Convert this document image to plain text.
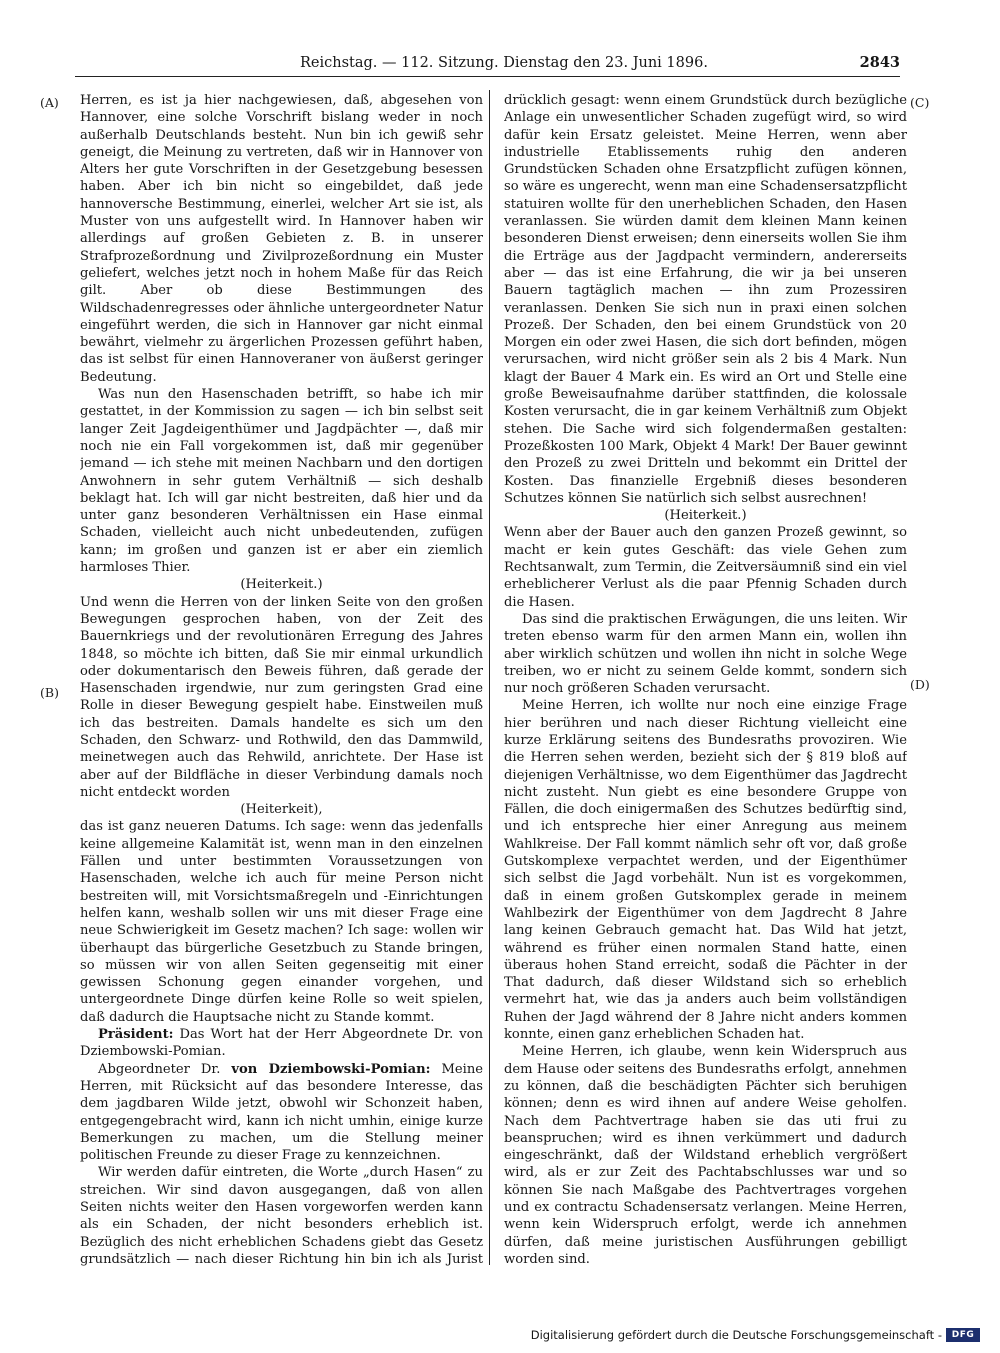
Reichstag. — 112. Sitzung. Dienstag den 23. Juni 1896.	2843
(A)
(B)
(C)
(D)

Herren, es ist ja hier nachgewiesen, daß, abgesehen von Hannover, eine solche Vorschrift bislang weder in noch außerhalb Deutschlands besteht. Nun bin ich gewiß sehr geneigt, die Meinung zu vertreten, daß wir in Hannover von Alters her gute Vorschriften in der Gesetzgebung besessen haben. Aber ich bin nicht so eingebildet, daß jede hannoversche Bestimmung, einerlei, welcher Art sie ist, als Muster von uns aufgestellt wird. In Hannover haben wir allerdings auf großen Gebieten z. B. in unserer Strafprozeßordnung und Zivilprozeßordnung ein Muster geliefert, welches jetzt noch in hohem Maße für das Reich gilt. Aber ob diese Bestimmungen des Wildschadenregresses oder ähnliche untergeordneter Natur eingeführt werden, die sich in Hannover gar nicht einmal bewährt, vielmehr zu ärgerlichen Prozessen geführt haben, das ist selbst für einen Hannoveraner von äußerst geringer Bedeutung.

Was nun den Hasenschaden betrifft, so habe ich mir gestattet, in der Kommission zu sagen — ich bin selbst seit langer Zeit Jagdeigenthümer und Jagdpächter —, daß mir noch nie ein Fall vorgekommen ist, daß mir gegenüber jemand — ich stehe mit meinen Nachbarn und den dortigen Anwohnern in sehr gutem Verhältniß — sich deshalb beklagt hat. Ich will gar nicht bestreiten, daß hier und da unter ganz besonderen Verhältnissen ein Hase einmal Schaden, vielleicht auch nicht unbedeutenden, zufügen kann; im großen und ganzen ist er aber ein ziemlich harmloses Thier.

(Heiterkeit.)

Und wenn die Herren von der linken Seite von den großen Bewegungen gesprochen haben, von der Zeit des Bauernkriegs und der revolutionären Erregung des Jahres 1848, so möchte ich bitten, daß Sie mir einmal urkundlich oder dokumentarisch den Beweis führen, daß gerade der Hasenschaden irgendwie, nur zum geringsten Grad eine Rolle in dieser Bewegung gespielt habe. Einstweilen muß ich das bestreiten. Damals handelte es sich um den Schaden, den Schwarz- und Rothwild, den das Dammwild, meinetwegen auch das Rehwild, anrichtete. Der Hase ist aber auf der Bildfläche in dieser Verbindung damals noch nicht entdeckt worden

(Heiterkeit),

das ist ganz neueren Datums. Ich sage: wenn das jedenfalls keine allgemeine Kalamität ist, wenn man in den einzelnen Fällen und unter bestimmten Voraussetzungen von Hasenschaden, welche ich auch für meine Person nicht bestreiten will, mit Vorsichtsmaßregeln und -Einrichtungen helfen kann, weshalb sollen wir uns mit dieser Frage eine neue Schwierigkeit im Gesetz machen? Ich sage: wollen wir überhaupt das bürgerliche Gesetzbuch zu Stande bringen, so müssen wir von allen Seiten gegenseitig mit einer gewissen Schonung gegen einander vorgehen, und untergeordnete Dinge dürfen keine Rolle so weit spielen, daß dadurch die Hauptsache nicht zu Stande kommt.

Präsident: Das Wort hat der Herr Abgeordnete Dr. von Dziembowski-Pomian.

Abgeordneter Dr. von Dziembowski-Pomian: Meine Herren, mit Rücksicht auf das besondere Interesse, das dem jagdbaren Wilde jetzt, obwohl wir Schonzeit haben, entgegengebracht wird, kann ich nicht umhin, einige kurze Bemerkungen zu machen, um die Stellung meiner politischen Freunde zu dieser Frage zu kennzeichnen.

Wir werden dafür eintreten, die Worte „durch Hasen“ zu streichen. Wir sind davon ausgegangen, daß von allen Seiten nichts weiter den Hasen vorgeworfen werden kann als ein Schaden, der nicht besonders erheblich ist. Bezüglich des nicht erheblichen Schadens giebt das Gesetz grundsätzlich — nach dieser Richtung hin bin ich als Jurist

drücklich gesagt: wenn einem Grundstück durch bezügliche Anlage ein unwesentlicher Schaden zugefügt wird, so wird dafür kein Ersatz geleistet. Meine Herren, wenn aber industrielle Etablissements ruhig den anderen Grundstücken Schaden ohne Ersatzpflicht zufügen können, so wäre es ungerecht, wenn man eine Schadensersatzpflicht statuiren wollte für den unerheblichen Schaden, den Hasen veranlassen. Sie würden damit dem kleinen Mann keinen besonderen Dienst erweisen; denn einerseits wollen Sie ihm die Erträge aus der Jagdpacht vermindern, andererseits aber — das ist eine Erfahrung, die wir ja bei unseren Bauern tagtäglich machen — ihn zum Prozessiren veranlassen. Denken Sie sich nun in praxi einen solchen Prozeß. Der Schaden, den bei einem Grundstück von 20 Morgen ein oder zwei Hasen, die sich dort befinden, mögen verursachen, wird nicht größer sein als 2 bis 4 Mark. Nun klagt der Bauer 4 Mark ein. Es wird an Ort und Stelle eine große Beweisaufnahme darüber stattfinden, die kolossale Kosten verursacht, die in gar keinem Verhältniß zum Objekt stehen. Die Sache wird sich folgendermaßen gestalten: Prozeßkosten 100 Mark, Objekt 4 Mark! Der Bauer gewinnt den Prozeß zu zwei Dritteln und bekommt ein Drittel der Kosten. Das finanzielle Ergebniß dieses besonderen Schutzes können Sie natürlich sich selbst ausrechnen!

(Heiterkeit.)

Wenn aber der Bauer auch den ganzen Prozeß gewinnt, so macht er kein gutes Geschäft: das viele Gehen zum Rechtsanwalt, zum Termin, die Zeitversäumniß sind ein viel erheblicherer Verlust als die paar Pfennig Schaden durch die Hasen.

Das sind die praktischen Erwägungen, die uns leiten. Wir treten ebenso warm für den armen Mann ein, wollen ihn aber wirklich schützen und wollen ihn nicht in solche Wege treiben, wo er nicht zu seinem Gelde kommt, sondern sich nur noch größeren Schaden verursacht.

Meine Herren, ich wollte nur noch eine einzige Frage hier berühren und nach dieser Richtung vielleicht eine kurze Erklärung seitens des Bundesraths provoziren. Wie die Herren sehen werden, bezieht sich der § 819 bloß auf diejenigen Verhältnisse, wo dem Eigenthümer das Jagdrecht nicht zusteht. Nun giebt es eine besondere Gruppe von Fällen, die doch einigermaßen des Schutzes bedürftig sind, und ich entspreche hier einer Anregung aus meinem Wahlkreise. Der Fall kommt nämlich sehr oft vor, daß große Gutskomplexe verpachtet werden, und der Eigenthümer sich selbst die Jagd vorbehält. Nun ist es vorgekommen, daß in einem großen Gutskomplex gerade in meinem Wahlbezirk der Eigenthümer von dem Jagdrecht 8 Jahre lang keinen Gebrauch gemacht hat. Das Wild hat jetzt, während es früher einen normalen Stand hatte, einen überaus hohen Stand erreicht, sodaß die Pächter in der That dadurch, daß dieser Wildstand sich so erheblich vermehrt hat, wie das ja anders auch beim vollständigen Ruhen der Jagd während der 8 Jahre nicht anders kommen konnte, einen ganz erheblichen Schaden hat.

Meine Herren, ich glaube, wenn kein Widerspruch aus dem Hause oder seitens des Bundesraths erfolgt, annehmen zu können, daß die beschädigten Pächter sich beruhigen können; denn es wird ihnen auf andere Weise geholfen. Nach dem Pachtvertrage haben sie das uti frui zu beanspruchen; wird es ihnen verkümmert und dadurch eingeschränkt, daß der Wildstand erheblich vergrößert wird, als er zur Zeit des Pachtabschlusses war und so können Sie nach Maßgabe des Pachtvertrages vorgehen und ex contractu Schadensersatz verlangen. Meine Herren, wenn kein Widerspruch erfolgt, werde ich annehmen dürfen, daß meine juristischen Ausführungen gebilligt worden sind.

Digitalisierung gefördert durch die Deutsche Forschungsgemeinschaft -	DFG
